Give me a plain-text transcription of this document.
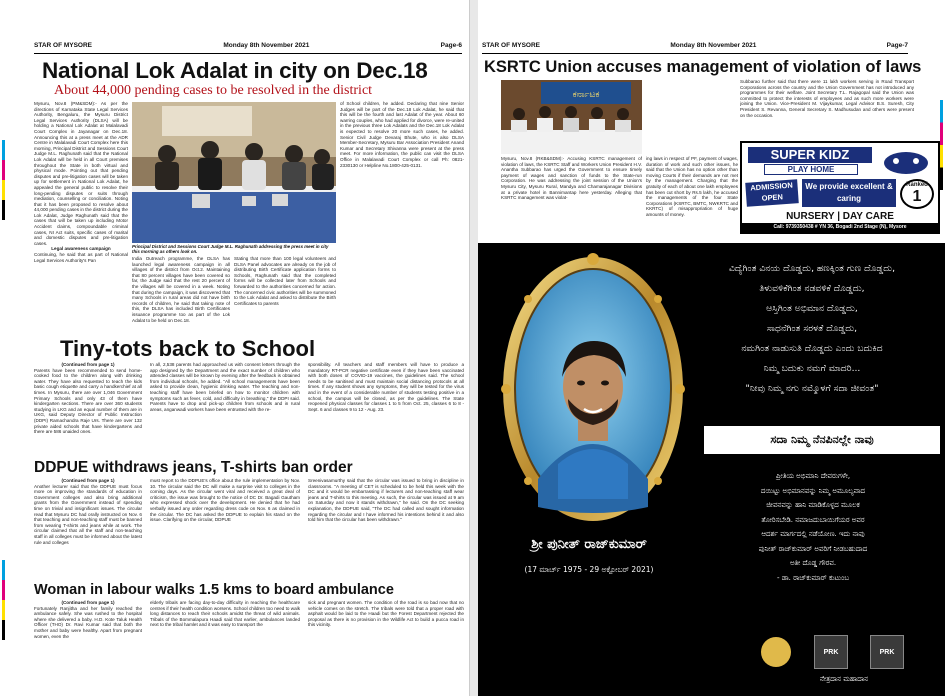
STAR OF MYSORE	Monday 8th November 2021	Page-6
National Lok Adalat in city on Dec.18
About 44,000 pending cases to be resolved in the district
Mysuru, Nov.8 (PM&SDM):- As per the directions of Karnataka State Legal Services Authority, Bengaluru, the Mysuru District Legal Services Authority (DLSA) will be holding a National Lok Adalat at Malalavadi Court Complex in Jayanagar on Dec.18. Announcing this at a press meet at the ADR Centre in Malalavadi Court Complex here this morning, Principal District and Sessions Court Judge M.L. Raghunath said that the National Lok Adalat will be held in all Court premises throughout the State in both virtual and physical mode. Pointing out that pending disputes and pre-litigation cases will be taken up for settlement in National Lok Adalat, he appealed the general public to resolve their long-pending disputes or suits through mediation, counselling or conciliation. Noting that it has been proposed to resolve about 44,000 pending cases in the district during the Lok Adalat, Judge Raghunath said that the cases that will be taken up including Motor Accident claims, compoundable criminal cases, NI Act suits, specific cases of marital and domestic disputes and pre-litigation cases.
Legal awareness campaign
Continuing, he said that as part of National Legal Services Authority's Pan
Principal District and Sessions Court Judge M.L. Raghunath addressing the press meet in city this morning as others look on.
India Outreach programme, the DLSA has launched legal awareness campaign in all villages of the district from Oct.2. Maintaining that 80 percent villages have been covered so far, the Judge said that the rest 20 percent of the villages will be covered in a week. Noting that during the campaign, it was discovered that many Schools in rural areas did not have birth records of children, he said that taking note of this, the DLSA has included Birth Certificates issuance programme too as part of the Lok Adalat to be held on Dec.18.
Stating that more than 100 legal volunteers and DLSA Panel advocates are already on the job of distributing Birth Certificate application forms to Schools, Raghunath said that the completed forms will be collected later from Schools and forwarded to the authorities concerned for action. The concerned civic authorities will be summoned to the Lok Adalat and asked to distribute the Birth Certificates to parents
of School children, he added. Declaring that nine Senior Judges will be part of the Dec.18 Lok Adalat, he said that this will be the fourth and last Adalat of the year. About 60 warring couples, who had applied for divorce, were re-united in the previous three Lok Adalats and the Dec.18 Lok Adalat is expected to resolve 20 more such cases, he added. Senior Civil Judge Devaraj Bhute, who is also DLSA Member-Secretary, Mysuru Bar Association President Anand Kumar and Secretary Shivanna were present at the press meet. For more information, the public can visit the DLSA Office in Malalavadi Court Complex or call Ph: 0821-2330130 or Helpline No.1800-425-0131.
Tiny-tots back to School
(Continued from page 1)
Parents have been recommended to send home-cooked food to the children along with drinking water. They have also requested to teach the kids basic cough etiquette and carry a handkerchief at all times. In Mysuru, there are over 1,046 Government Primary Schools and only 43 of them have kindergarten sections. There are over 360 students studying in LKG and an equal number of them are in UKG, said Deputy Director of Public Instruction (DDPI) Ramachandra Raje Urs. There are over 132 private aided schools that have kindergartens and there are 586 unaided ones.
In all, 2,538 parents had approached us with consent letters through the app designed by the Department and the exact number of children who attended classes will be known by evening after the feedback is obtained from individual schools, he added. "All school managements have been asked to provide clean, hygienic drinking water. The teaching and non-teaching staff have been briefed on how to monitor children with symptoms such as fever, cold, and difficulty in breathing," the DDPI said. Parents have to drop and pick-up children from schools and in rural areas, anganwadi workers have been entrusted with the re-
sponsibility. All teachers and staff members will have to produce a mandatory RT-PCR negative certificate even if they have been vaccinated with both doses of COVID-19 vaccines, the guidelines said. The school needs to be sanitised and must maintain social distancing protocols at all times. If any student shows any symptoms, they will be tested for the virus and in the event of a considerable number of students testing positive in a school, the campus will be closed, as per the guidelines. The State reopened physical classes for classes 1 to 5 from Oct. 25, classes 6 to 8 - Sept. 6 and classes 9 to 12 - Aug. 23.
DDPUE withdraws jeans, T-shirts ban order
(Continued from page 1)
Another lecturer said that the DDPUE must focus more on improving the standards of education in Government colleges and also bring additional grants from the Government instead of spending time on trivial and insignificant issues. The circular read that Mysuru DC had orally instructed on Nov. 6 that teaching and non-teaching staff must be banned from wearing T-shirts and jeans while at work. The circular claimed that all the staff and non-teaching staff in all colleges must be informed about the latest rule and colleges
must report to the DDPUE's office about the rule implementation by Nov. 10. The circular said the DC will make a surprise visit to colleges in the coming days. As the circular went viral and received a great deal of criticism, the issue was brought to the notice of DC Dr. Bagadi Gautham who expressed shock over the development. He denied that he had verbally issued any order regarding dress code on Nov. 6 as claimed in the circular. The DC has asked the DDPUE to explain his stand on the issue. Clarifying on the circular, DDPUE
Sreenivasamurthy said that the circular was issued to bring in discipline in classrooms. "A meeting of CET is scheduled to be held this week with the DC and it would be embarrassing if lecturers and non-teaching staff wear jeans and T-shirts to this meeting. As such, the circular was issued at 9 am on Saturday and now it stands withdrawn," he said. On the DC seeking explanation, the DDPUE said, "The DC had called and sought information regarding the circular and I have informed his intentions behind it and also told him that the circular has been withdrawn."
Woman in labour walks 1.5 kms to board ambulance
(Continued from page 1)
Fortunately Ranjitha and her family reached the ambulance safely. She was rushed to the hospital where she delivered a baby. H.D. Kote Taluk Health Officer (THO) Dr. Ravi Kumar said that both the mother and baby were healthy. Apart from pregnant women, even the
elderly tribals are facing day-to-day difficulty in reaching the healthcare centres if their health condition worsens. School children too need to walk long distances to reach their schools amidst the threat of wild animals. Tribals of the Bommalapura Haadi said that earlier, ambulances landed next to the tribal hamlet and it was easy to transport the
sick and pregnant women. The condition of the road is so bad now that no vehicle comes on the stretch. The tribals were told that a proper road with asphalt would be laid to the Haadi but the Forest Department rejected the proposal as there is no provision in the Wildlife Act to build a pucca road in this vicinity.
STAR OF MYSORE	Monday 8th November 2021	Page-7
KSRTC Union accuses management of violation of laws
ಕರ್ನಾಟಕ
Mysuru, Nov.8 (RKB&SDM):- Accusing KSRTC management of violation of laws, the KSRTC Staff and Workers Union President H.V. Anantha Subbarao has urged the Government to ensure timely payment of wages and sanction of funds to the State-run Corporation. He was addressing the joint session of the Union's Mysuru City, Mysuru Rural, Mandya and Chamarajanagar Divisions at a private hotel in Bannimantap here yesterday. Alleging that KSRTC management was violat-
ing laws in respect of PF, payment of wages, duration of work and such other issues, he said that the Union has no option other than moving Courts if their demands are not met by the management. Charging that the gratuity of each of about one lakh employees has been cut short by Rs.5 lakh, he accused the managements of the four State Corporations (KSRTC, BMTC, NWKRTC and KKRTC) of misappropriation of huge amounts of money.
Subbarao further said that there were 11 lakh workers serving in Road Transport Corporations across the country and the Union Government has not introduced any programmes for their welfare. Joint Secretary T.L. Rajagopal said the Union was committed to protect the interests of employees and as such more workers were joining the Union. Vice-President M. Vijaykumar, Legal Advisor B.S. Suresh, City President S. Revanna, General Secretary S. Madhusudan and others were present on the occasion.
SUPER KIDZ
PLAY HOME
ADMISSION
OPEN
We provide excellent & caring
Ranked
1
NURSERY | DAY CARE
Call: 9739350438 # YN 36, Bogadi 2nd Stage (N), Mysore
ವಿದ್ಯೆಗಿಂತ ವಿನಯ ದೊಡ್ಡದು, ಹಣಕ್ಕಿಂತ ಗುಣ ದೊಡ್ಡದು,
ತಿಳುವಳಿಕೆಗಿಂತ ನಡವಳಿಕೆ ದೊಡ್ಡದು,
ಆಸ್ತಿಗಿಂತ ಅಭಿಮಾನ ದೊಡ್ಡದು,
ಸಾಧನೆಗಿಂತ ಸರಳತೆ ದೊಡ್ಡದು,
ನಮಗಿಂತ ನಾಡುಸುತಿ ದೊಡ್ಡದು ಎಂದು ಬದುಕಿದ
ನಿಮ್ಮ ಬದುಕು ನಮಗೆ ಮಾದರಿ...
"ನೀವು ನಿಮ್ಮ ನಗು ನಮ್ಮೊಳಗೆ ಸದಾ ಜೀವಂತ"
ಸದಾ ನಿಮ್ಮ ನೆನಪಿನಲ್ಲೇ ನಾವು
ಪ್ರೀತಿಯ ಅಭಿಮಾನಿ ದೇವರುಗಳೇ,
ದಯಿಟ್ಟು ಅಭಿಮಾನವನ್ನು ನಿಮ್ಮ ಅಮೂಲ್ಯವಾದ
ಜೀವನವನ್ನು ಹಾನಿ ಮಾಡಿಕೊಳ್ಳದ ಮೂಲಕ
ತೋರಿಸಬೇಡಿ. ನಮಾಜದುಬಾಯಿಗೆಯರ ಅವರ
ಆದರ್ಶ ಮಾರ್ಗದಲ್ಲಿ ನಡೆಯೋಣ. ಇದು ನಾವು
ಪುನೀತ್ ರಾಜ್‌ಕುಮಾರ್ ಅವರಿಗೆ ನೀಡಬಹುದಾದ
ಅತೀ ದೊಡ್ಡ ಗೌರವ.
- ಡಾ. ರಾಜ್‌ಕುಮಾರ್ ಕುಟುಂಬ
ಶ್ರೀ ಪುನೀತ್ ರಾಜ್‌ಕುಮಾರ್
(17 ಮಾರ್ಚ್ 1975 - 29 ಅಕ್ಟೋಬರ್ 2021)
PRK	PRK
ನೇತ್ರದಾನ ಮಹಾದಾನ
